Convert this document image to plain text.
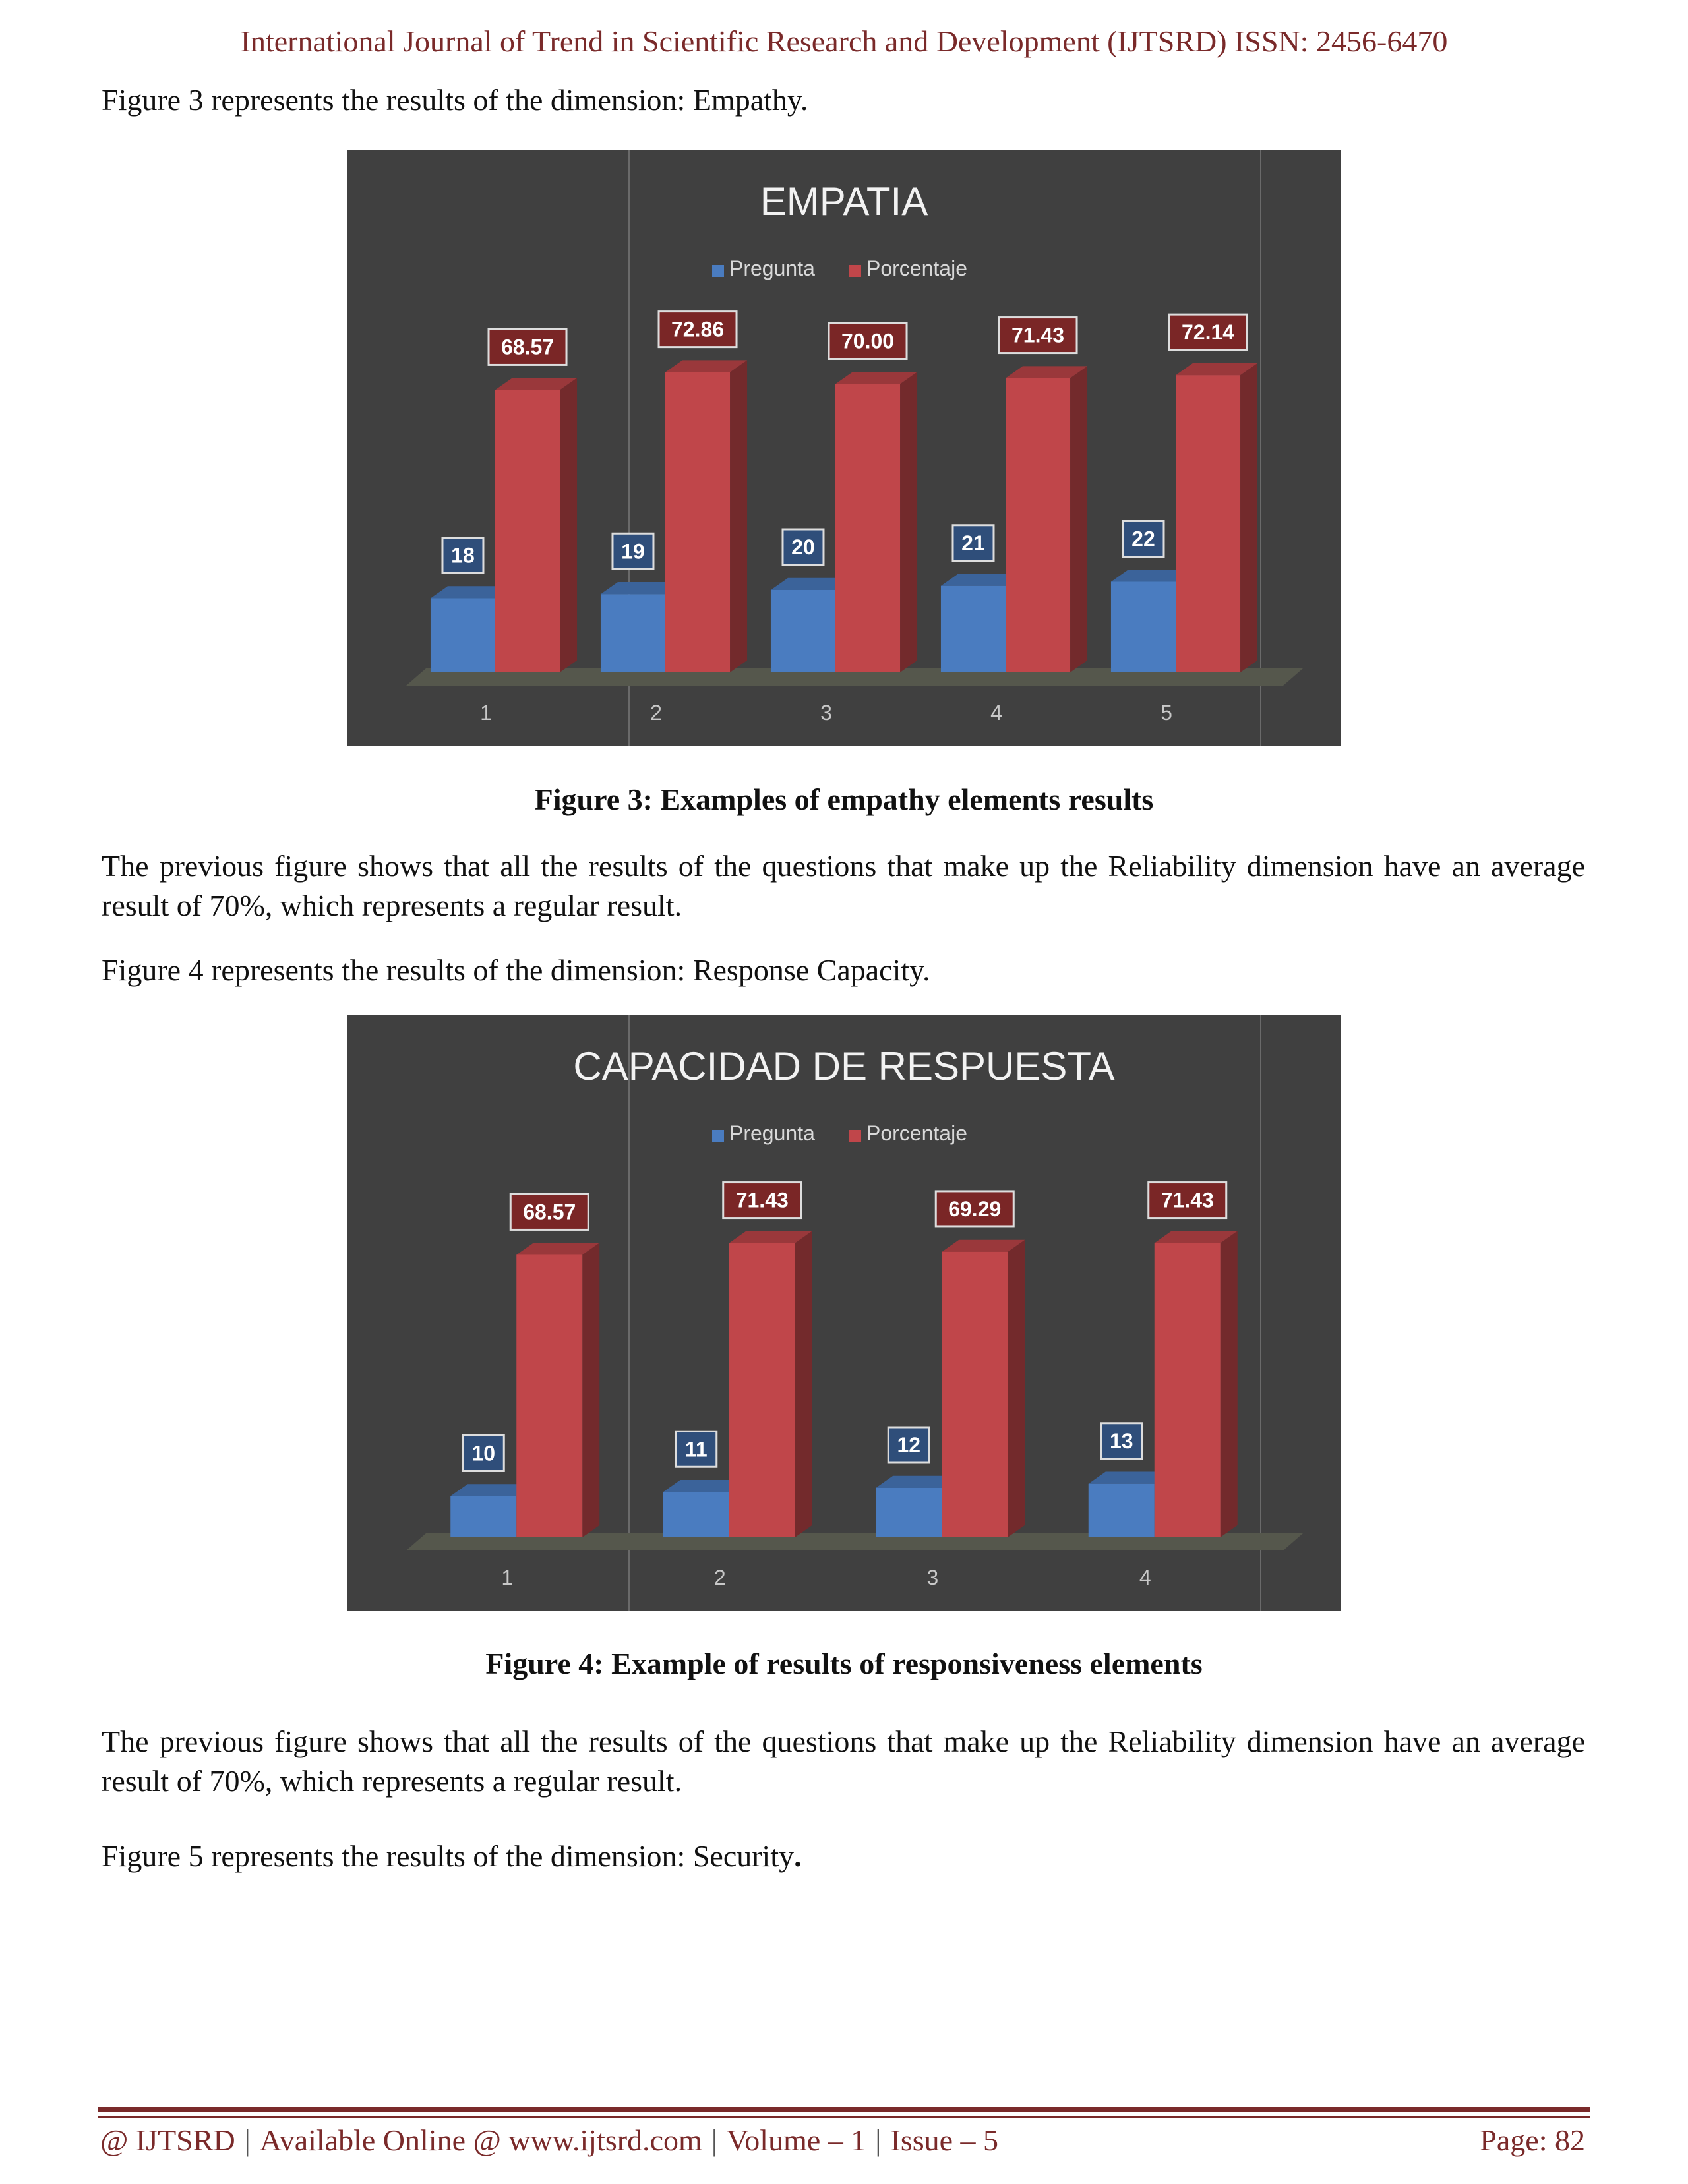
International Journal of Trend in Scientific Research and Development (IJTSRD) ISSN: 2456-6470
Figure 3 represents the results of the dimension: Empathy.
EMPATIA
Pregunta Porcentaje
18
68.57
1
19
72.86
2
20
70.00
3
21
71.43
4
22
72.14
5
Figure 3: Examples of empathy elements results
The previous figure shows that all the results of the questions that make up the Reliability dimension have an average result of 70%, which represents a regular result.
Figure 4 represents the results of the dimension: Response Capacity.
CAPACIDAD DE RESPUESTA
Pregunta Porcentaje
10
68.57
1
11
71.43
2
12
69.29
3
13
71.43
4
Figure 4: Example of results of responsiveness elements
The previous figure shows that all the results of the questions that make up the Reliability dimension have an average result of 70%, which represents a regular result.
Figure 5 represents the results of the dimension: Security.
@ IJTSRD | Available Online @ www.ijtsrd.com | Volume – 1 | Issue – 5	Page: 82
